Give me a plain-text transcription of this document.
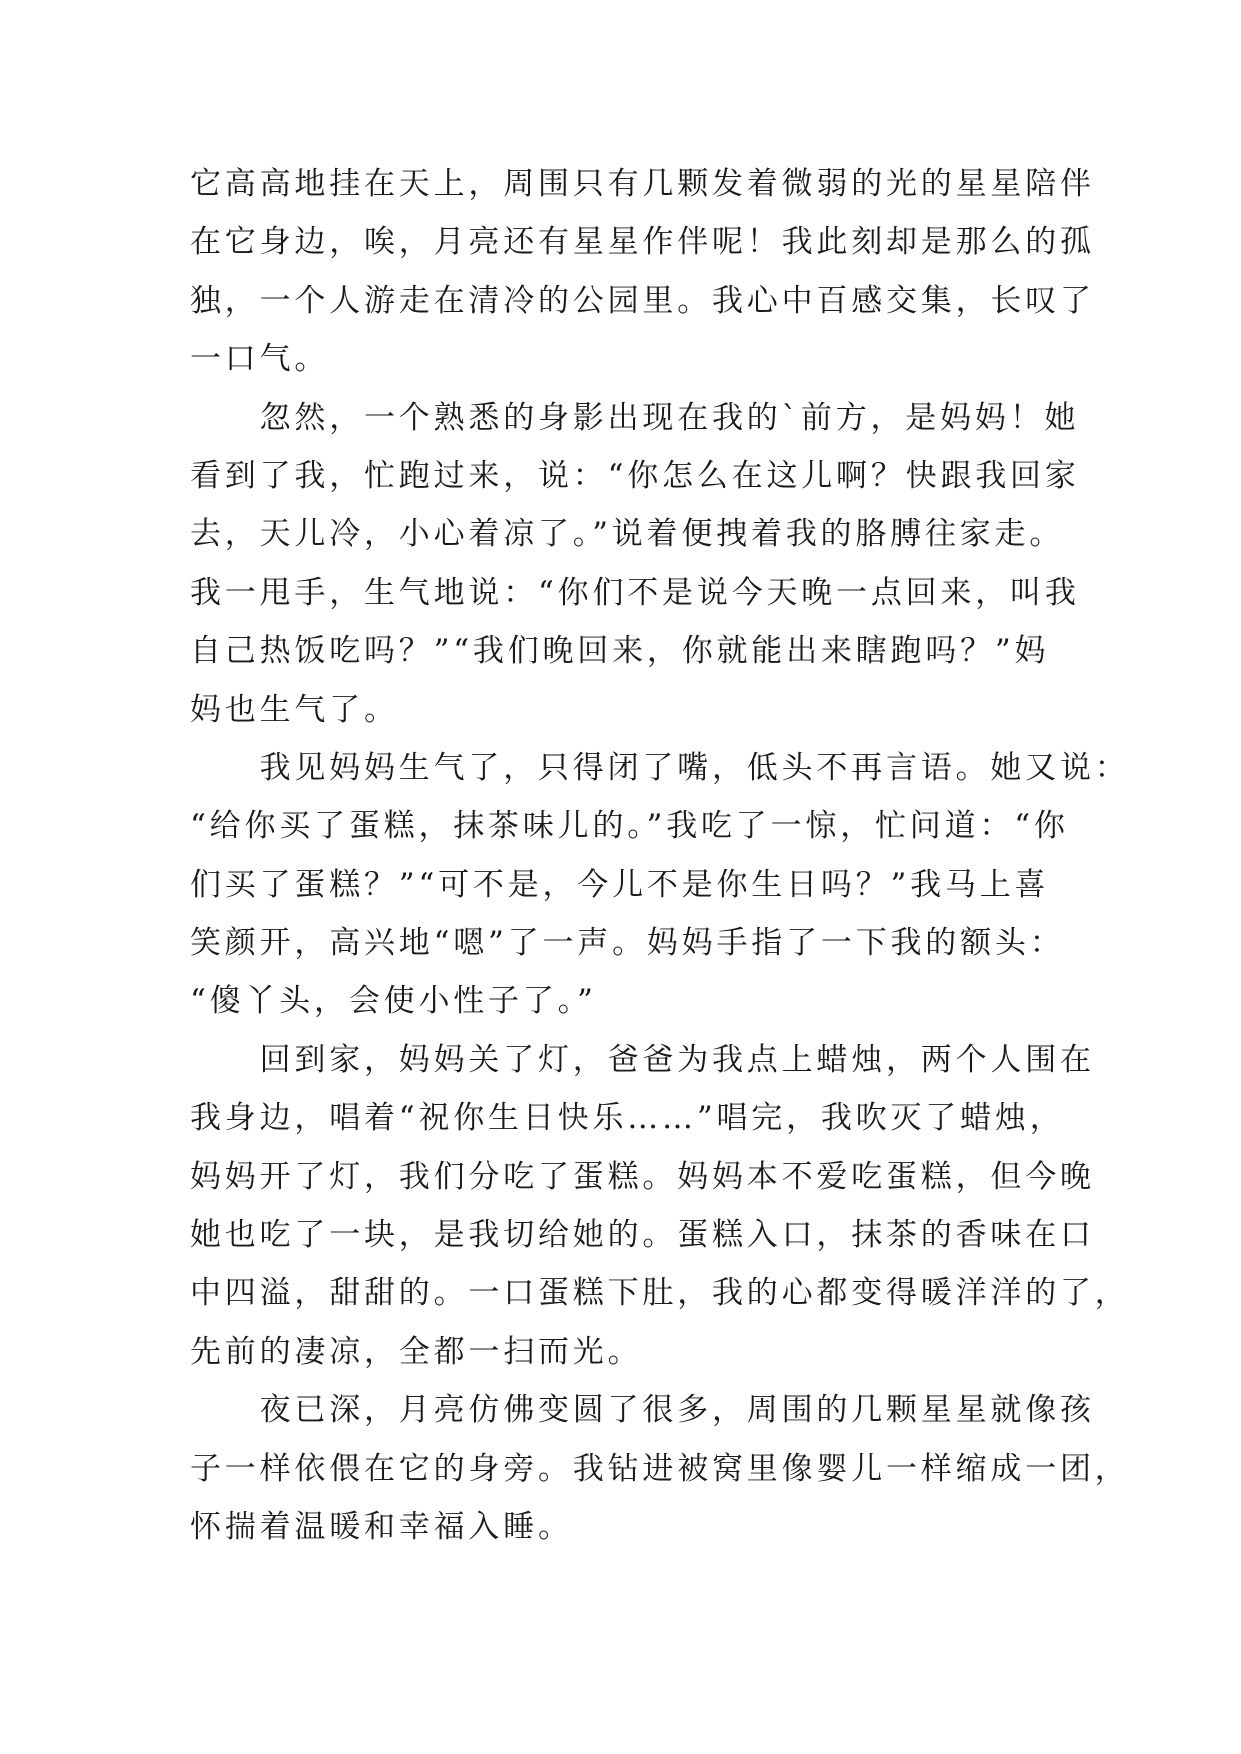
它高高地挂在天上，周围只有几颗发着微弱的光的星星陪伴
在它身边，唉，月亮还有星星作伴呢！我此刻却是那么的孤
独，一个人游走在清冷的公园里。我心中百感交集，长叹了
一口气。
　　忽然，一个熟悉的身影出现在我的`前方，是妈妈！她
看到了我，忙跑过来，说：“你怎么在这儿啊？快跟我回家
去，天儿冷，小心着凉了。”说着便拽着我的胳膊往家走。
我一甩手，生气地说：“你们不是说今天晚一点回来，叫我
自己热饭吃吗？”“我们晚回来，你就能出来瞎跑吗？”妈
妈也生气了。
　　我见妈妈生气了，只得闭了嘴，低头不再言语。她又说：
“给你买了蛋糕，抹茶味儿的。”我吃了一惊，忙问道：“你
们买了蛋糕？”“可不是，今儿不是你生日吗？”我马上喜
笑颜开，高兴地“嗯”了一声。妈妈手指了一下我的额头：
“傻丫头，会使小性子了。”
　　回到家，妈妈关了灯，爸爸为我点上蜡烛，两个人围在
我身边，唱着“祝你生日快乐……”唱完，我吹灭了蜡烛，
妈妈开了灯，我们分吃了蛋糕。妈妈本不爱吃蛋糕，但今晚
她也吃了一块，是我切给她的。蛋糕入口，抹茶的香味在口
中四溢，甜甜的。一口蛋糕下肚，我的心都变得暖洋洋的了，
先前的凄凉，全都一扫而光。
　　夜已深，月亮仿佛变圆了很多，周围的几颗星星就像孩
子一样依偎在它的身旁。我钻进被窝里像婴儿一样缩成一团，
怀揣着温暖和幸福入睡。
